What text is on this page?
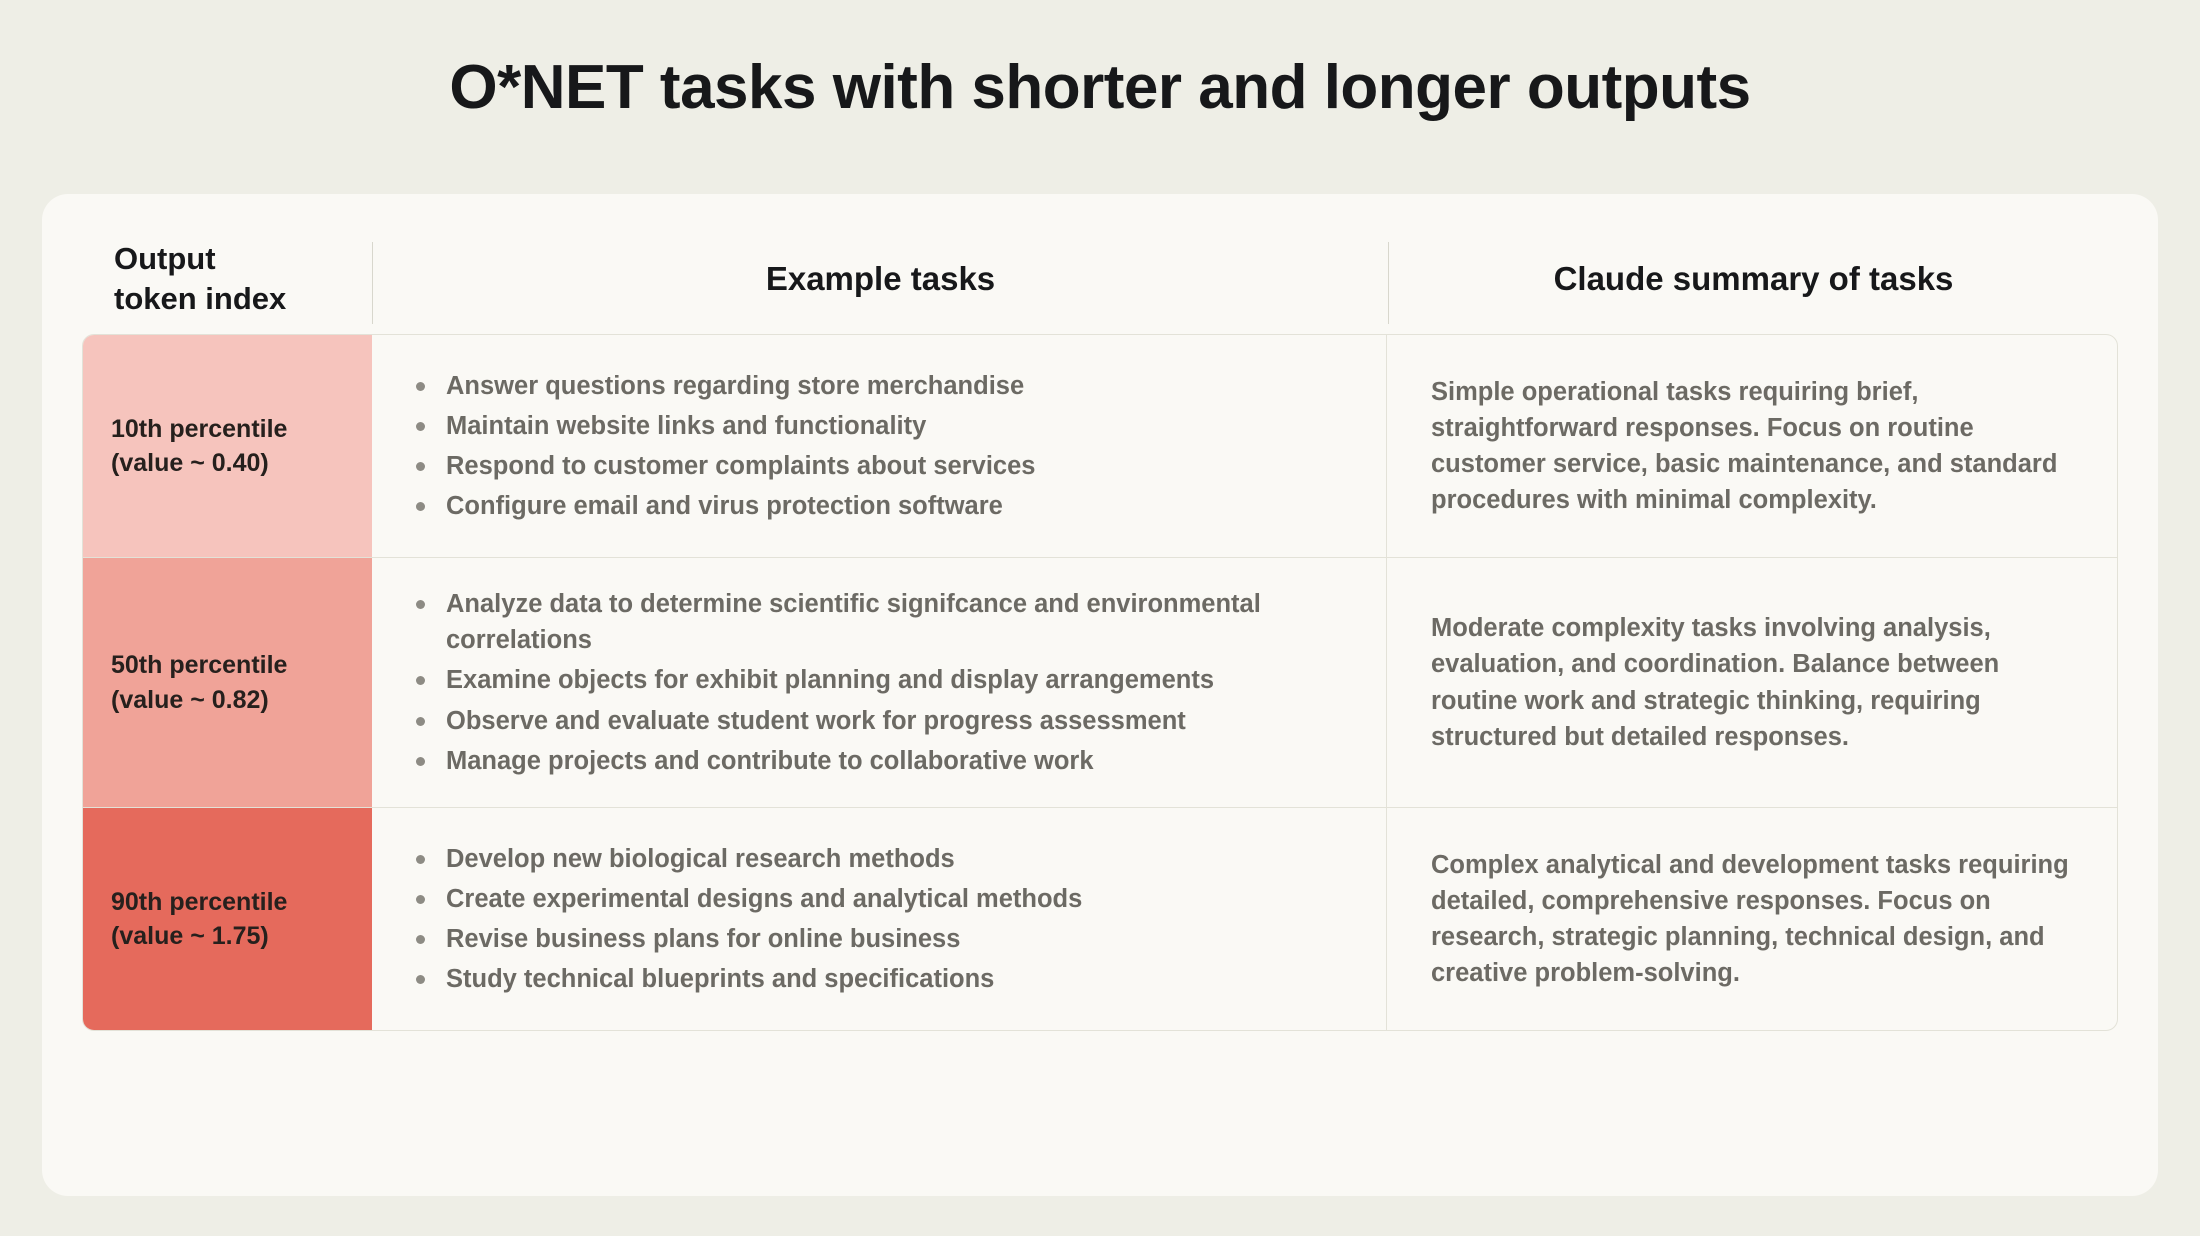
O*NET tasks with shorter and longer outputs
Output
token index
Example tasks	Claude summary of tasks
10th percentile
(value ~ 0.40)
Answer questions regarding store merchandise
Maintain website links and functionality
Respond to customer complaints about services
Configure email and virus protection software
Simple operational tasks requiring brief, straightforward responses. Focus on routine customer service, basic maintenance, and standard procedures with minimal complexity.
50th percentile
(value ~ 0.82)
Analyze data to determine scientific signifcance and environmental correlations
Examine objects for exhibit planning and display arrangements
Observe and evaluate student work for progress assessment
Manage projects and contribute to collaborative work
Moderate complexity tasks involving analysis, evaluation, and coordination. Balance between routine work and strategic thinking, requiring structured but detailed responses.
90th percentile
(value ~ 1.75)
Develop new biological research methods
Create experimental designs and analytical methods
Revise business plans for online business
Study technical blueprints and specifications
Complex analytical and development tasks requiring detailed, comprehensive responses. Focus on research, strategic planning, technical design, and creative problem-solving.
